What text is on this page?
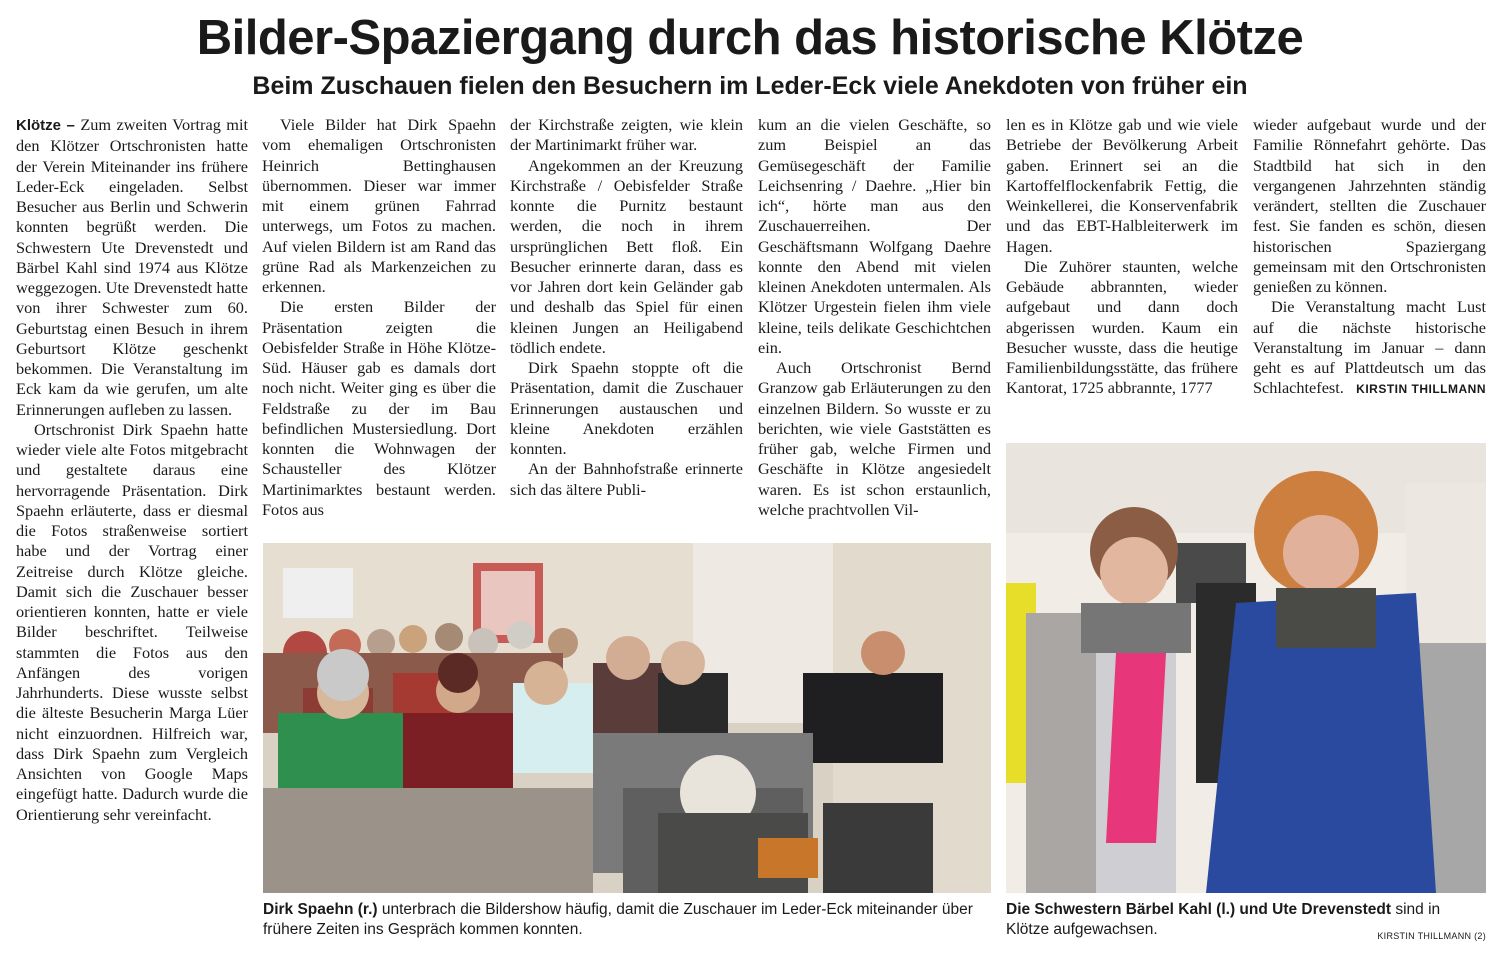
Bilder-Spaziergang durch das historische Klötze
Beim Zuschauen fielen den Besuchern im Leder-Eck viele Anekdoten von früher ein

Klötze – Zum zweiten Vortrag mit den Klötzer Ortschronisten hatte der Verein Miteinander ins frühere Leder-Eck eingeladen. Selbst Besucher aus Berlin und Schwerin konnten begrüßt werden. Die Schwestern Ute Drevenstedt und Bärbel Kahl sind 1974 aus Klötze weggezogen. Ute Drevenstedt hatte von ihrer Schwester zum 60. Geburtstag einen Besuch in ihrem Geburtsort Klötze geschenkt bekommen. Die Veranstaltung im Eck kam da wie gerufen, um alte Erinnerungen aufleben zu lassen.

Ortschronist Dirk Spaehn hatte wieder viele alte Fotos mitgebracht und gestaltete daraus eine hervorragende Präsentation. Dirk Spaehn erläuterte, dass er diesmal die Fotos straßenweise sortiert habe und der Vortrag einer Zeitreise durch Klötze gleiche. Damit sich die Zuschauer besser orientieren konnten, hatte er viele Bilder beschriftet. Teilweise stammten die Fotos aus den Anfängen des vorigen Jahrhunderts. Diese wusste selbst die älteste Besucherin Marga Lüer nicht einzuordnen. Hilfreich war, dass Dirk Spaehn zum Vergleich Ansichten von Google Maps eingefügt hatte. Dadurch wurde die Orientierung sehr vereinfacht.

Viele Bilder hat Dirk Spaehn vom ehemaligen Ortschronisten Heinrich Bettinghausen übernommen. Dieser war immer mit einem grünen Fahrrad unterwegs, um Fotos zu machen. Auf vielen Bildern ist am Rand das grüne Rad als Markenzeichen zu erkennen.

Die ersten Bilder der Präsentation zeigten die Oebisfelder Straße in Höhe Klötze-Süd. Häuser gab es damals dort noch nicht. Weiter ging es über die Feldstraße zu der im Bau befindlichen Mustersiedlung. Dort konnten die Wohnwagen der Schausteller des Klötzer Martinimarktes bestaunt werden. Fotos aus

der Kirchstraße zeigten, wie klein der Martinimarkt früher war.

Angekommen an der Kreuzung Kirchstraße / Oebisfelder Straße konnte die Purnitz bestaunt werden, die noch in ihrem ursprünglichen Bett floß. Ein Besucher erinnerte daran, dass es vor Jahren dort kein Geländer gab und deshalb das Spiel für einen kleinen Jungen an Heiligabend tödlich endete.

Dirk Spaehn stoppte oft die Präsentation, damit die Zuschauer Erinnerungen austauschen und kleine Anekdoten erzählen konnten.

An der Bahnhofstraße erinnerte sich das ältere Publi-

kum an die vielen Geschäfte, so zum Beispiel an das Gemüsegeschäft der Familie Leichsenring / Daehre. „Hier bin ich“, hörte man aus den Zuschauerreihen. Der Geschäftsmann Wolfgang Daehre konnte den Abend mit vielen kleinen Anekdoten untermalen. Als Klötzer Urgestein fielen ihm viele kleine, teils delikate Geschichtchen ein.

Auch Ortschronist Bernd Granzow gab Erläuterungen zu den einzelnen Bildern. So wusste er zu berichten, wie viele Gaststätten es früher gab, welche Firmen und Geschäfte in Klötze angesiedelt waren. Es ist schon erstaunlich, welche prachtvollen Vil-

len es in Klötze gab und wie viele Betriebe der Bevölkerung Arbeit gaben. Erinnert sei an die Kartoffelflockenfabrik Fettig, die Weinkellerei, die Konservenfabrik und das EBT-Halbleiterwerk im Hagen.

Die Zuhörer staunten, welche Gebäude abbrannten, wieder aufgebaut und dann doch abgerissen wurden. Kaum ein Besucher wusste, dass die heutige Familienbildungsstätte, das frühere Kantorat, 1725 abbrannte, 1777

wieder aufgebaut wurde und der Familie Rönnefahrt gehörte. Das Stadtbild hat sich in den vergangenen Jahrzehnten ständig verändert, stellten die Zuschauer fest. Sie fanden es schön, diesen historischen Spaziergang gemeinsam mit den Ortschronisten genießen zu können.

Die Veranstaltung macht Lust auf die nächste historische Veranstaltung im Januar – dann geht es auf Plattdeutsch um das Schlachtefest.	KIRSTIN THILLMANN
Dirk Spaehn (r.) unterbrach die Bildershow häufig, damit die Zuschauer im Leder-Eck miteinander über frühere Zeiten ins Gespräch kommen konnten.
Die Schwestern Bärbel Kahl (l.) und Ute Drevenstedt sind in Klötze aufgewachsen.	KIRSTIN THILLMANN (2)
